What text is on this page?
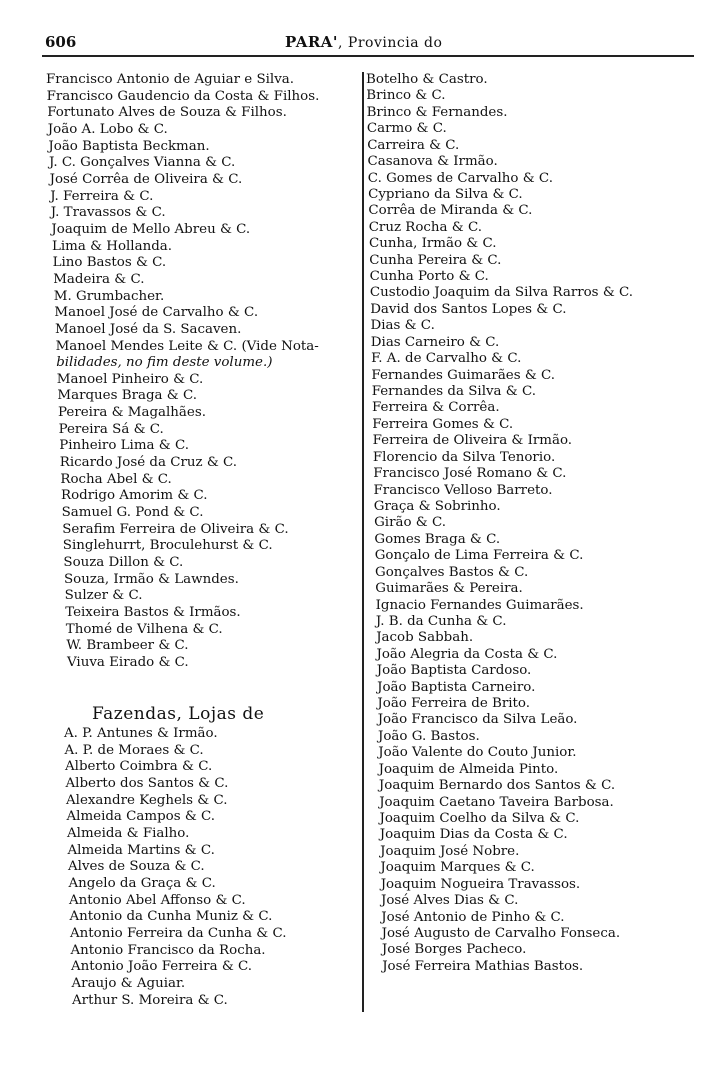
606	PARA', Provincia do
Francisco Antonio de Aguiar e Silva.
Francisco Gaudencio da Costa & Filhos.
Fortunato Alves de Souza & Filhos.
João A. Lobo & C.
João Baptista Beckman.
J. C. Gonçalves Vianna & C.
José Corrêa de Oliveira & C.
J. Ferreira & C.
J. Travassos & C.
Joaquim de Mello Abreu & C.
Lima & Hollanda.
Lino Bastos & C.
Madeira & C.
M. Grumbacher.
Manoel José de Carvalho & C.
Manoel José da S. Sacaven.
Manoel Mendes Leite & C. (Vide Nota-
bilidades, no fim deste volume.)
Manoel Pinheiro & C.
Marques Braga & C.
Pereira & Magalhães.
Pereira Sá & C.
Pinheiro Lima & C.
Ricardo José da Cruz & C.
Rocha Abel & C.
Rodrigo Amorim & C.
Samuel G. Pond & C.
Serafim Ferreira de Oliveira & C.
Singlehurrt, Broculehurst & C.
Souza Dillon & C.
Souza, Irmão & Lawndes.
Sulzer & C.
Teixeira Bastos & Irmãos.
Thomé de Vilhena & C.
W. Brambeer & C.
Viuva Eirado & C.
Fazendas, Lojas de
A. P. Antunes & Irmão.
A. P. de Moraes & C.
Alberto Coimbra & C.
Alberto dos Santos & C.
Alexandre Keghels & C.
Almeida Campos & C.
Almeida & Fialho.
Almeida Martins & C.
Alves de Souza & C.
Angelo da Graça & C.
Antonio Abel Affonso & C.
Antonio da Cunha Muniz & C.
Antonio Ferreira da Cunha & C.
Antonio Francisco da Rocha.
Antonio João Ferreira & C.
Araujo & Aguiar.
Arthur S. Moreira & C.
Botelho & Castro.
Brinco & C.
Brinco & Fernandes.
Carmo & C.
Carreira & C.
Casanova & Irmão.
C. Gomes de Carvalho & C.
Cypriano da Silva & C.
Corrêa de Miranda & C.
Cruz Rocha & C.
Cunha, Irmão & C.
Cunha Pereira & C.
Cunha Porto & C.
Custodio Joaquim da Silva Rarros & C.
David dos Santos Lopes & C.
Dias & C.
Dias Carneiro & C.
F. A. de Carvalho & C.
Fernandes Guimarães & C.
Fernandes da Silva & C.
Ferreira & Corrêa.
Ferreira Gomes & C.
Ferreira de Oliveira & Irmão.
Florencio da Silva Tenorio.
Francisco José Romano & C.
Francisco Velloso Barreto.
Graça & Sobrinho.
Girão & C.
Gomes Braga & C.
Gonçalo de Lima Ferreira & C.
Gonçalves Bastos & C.
Guimarães & Pereira.
Ignacio Fernandes Guimarães.
J. B. da Cunha & C.
Jacob Sabbah.
João Alegria da Costa & C.
João Baptista Cardoso.
João Baptista Carneiro.
João Ferreira de Brito.
João Francisco da Silva Leão.
João G. Bastos.
João Valente do Couto Junior.
Joaquim de Almeida Pinto.
Joaquim Bernardo dos Santos & C.
Joaquim Caetano Taveira Barbosa.
Joaquim Coelho da Silva & C.
Joaquim Dias da Costa & C.
Joaquim José Nobre.
Joaquim Marques & C.
Joaquim Nogueira Travassos.
José Alves Dias & C.
José Antonio de Pinho & C.
José Augusto de Carvalho Fonseca.
José Borges Pacheco.
José Ferreira Mathias Bastos.
